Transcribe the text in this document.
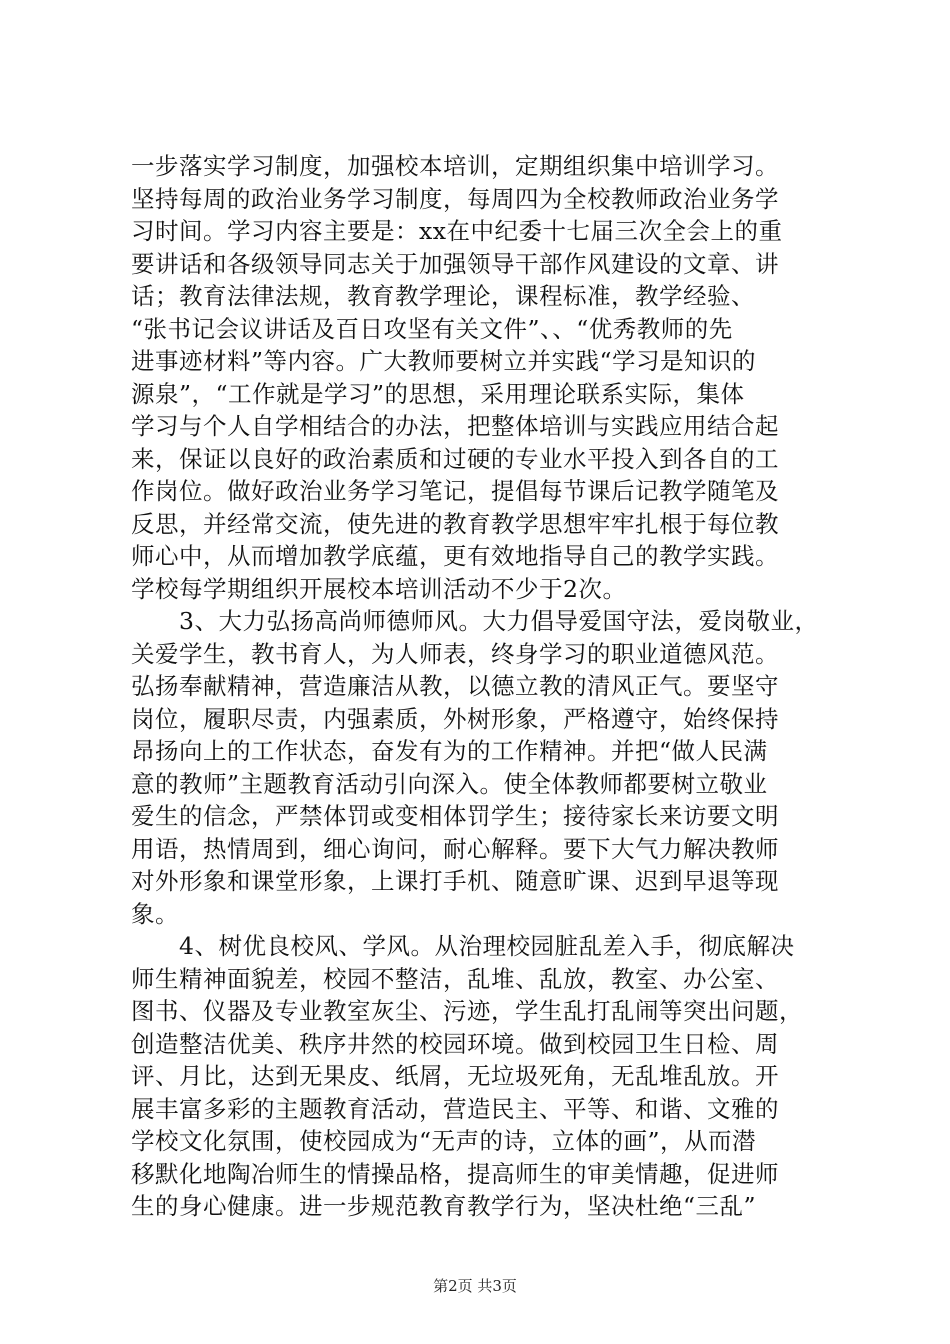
一步落实学习制度，加强校本培训，定期组织集中培训学习。
坚持每周的政治业务学习制度，每周四为全校教师政治业务学
习时间。学习内容主要是：xx在中纪委十七届三次全会上的重
要讲话和各级领导同志关于加强领导干部作风建设的文章、讲
话；教育法律法规，教育教学理论，课程标准，教学经验、
“张书记会议讲话及百日攻坚有关文件”、、“优秀教师的先
进事迹材料”等内容。广大教师要树立并实践“学习是知识的
源泉”，“工作就是学习”的思想，采用理论联系实际，集体
学习与个人自学相结合的办法，把整体培训与实践应用结合起
来，保证以良好的政治素质和过硬的专业水平投入到各自的工
作岗位。做好政治业务学习笔记，提倡每节课后记教学随笔及
反思，并经常交流，使先进的教育教学思想牢牢扎根于每位教
师心中，从而增加教学底蕴，更有效地指导自己的教学实践。
学校每学期组织开展校本培训活动不少于2次。
3、大力弘扬高尚师德师风。大力倡导爱国守法，爱岗敬业，
关爱学生，教书育人，为人师表，终身学习的职业道德风范。
弘扬奉献精神，营造廉洁从教，以德立教的清风正气。要坚守
岗位，履职尽责，内强素质，外树形象，严格遵守，始终保持
昂扬向上的工作状态，奋发有为的工作精神。并把“做人民满
意的教师”主题教育活动引向深入。使全体教师都要树立敬业
爱生的信念，严禁体罚或变相体罚学生；接待家长来访要文明
用语，热情周到，细心询问，耐心解释。要下大气力解决教师
对外形象和课堂形象，上课打手机、随意旷课、迟到早退等现
象。
4、树优良校风、学风。从治理校园脏乱差入手，彻底解决
师生精神面貌差，校园不整洁，乱堆、乱放，教室、办公室、
图书、仪器及专业教室灰尘、污迹，学生乱打乱闹等突出问题，
创造整洁优美、秩序井然的校园环境。做到校园卫生日检、周
评、月比，达到无果皮、纸屑，无垃圾死角，无乱堆乱放。开
展丰富多彩的主题教育活动，营造民主、平等、和谐、文雅的
学校文化氛围，使校园成为“无声的诗，立体的画”，从而潜
移默化地陶冶师生的情操品格，提高师生的审美情趣，促进师
生的身心健康。进一步规范教育教学行为，坚决杜绝“三乱”
第2页 共3页
